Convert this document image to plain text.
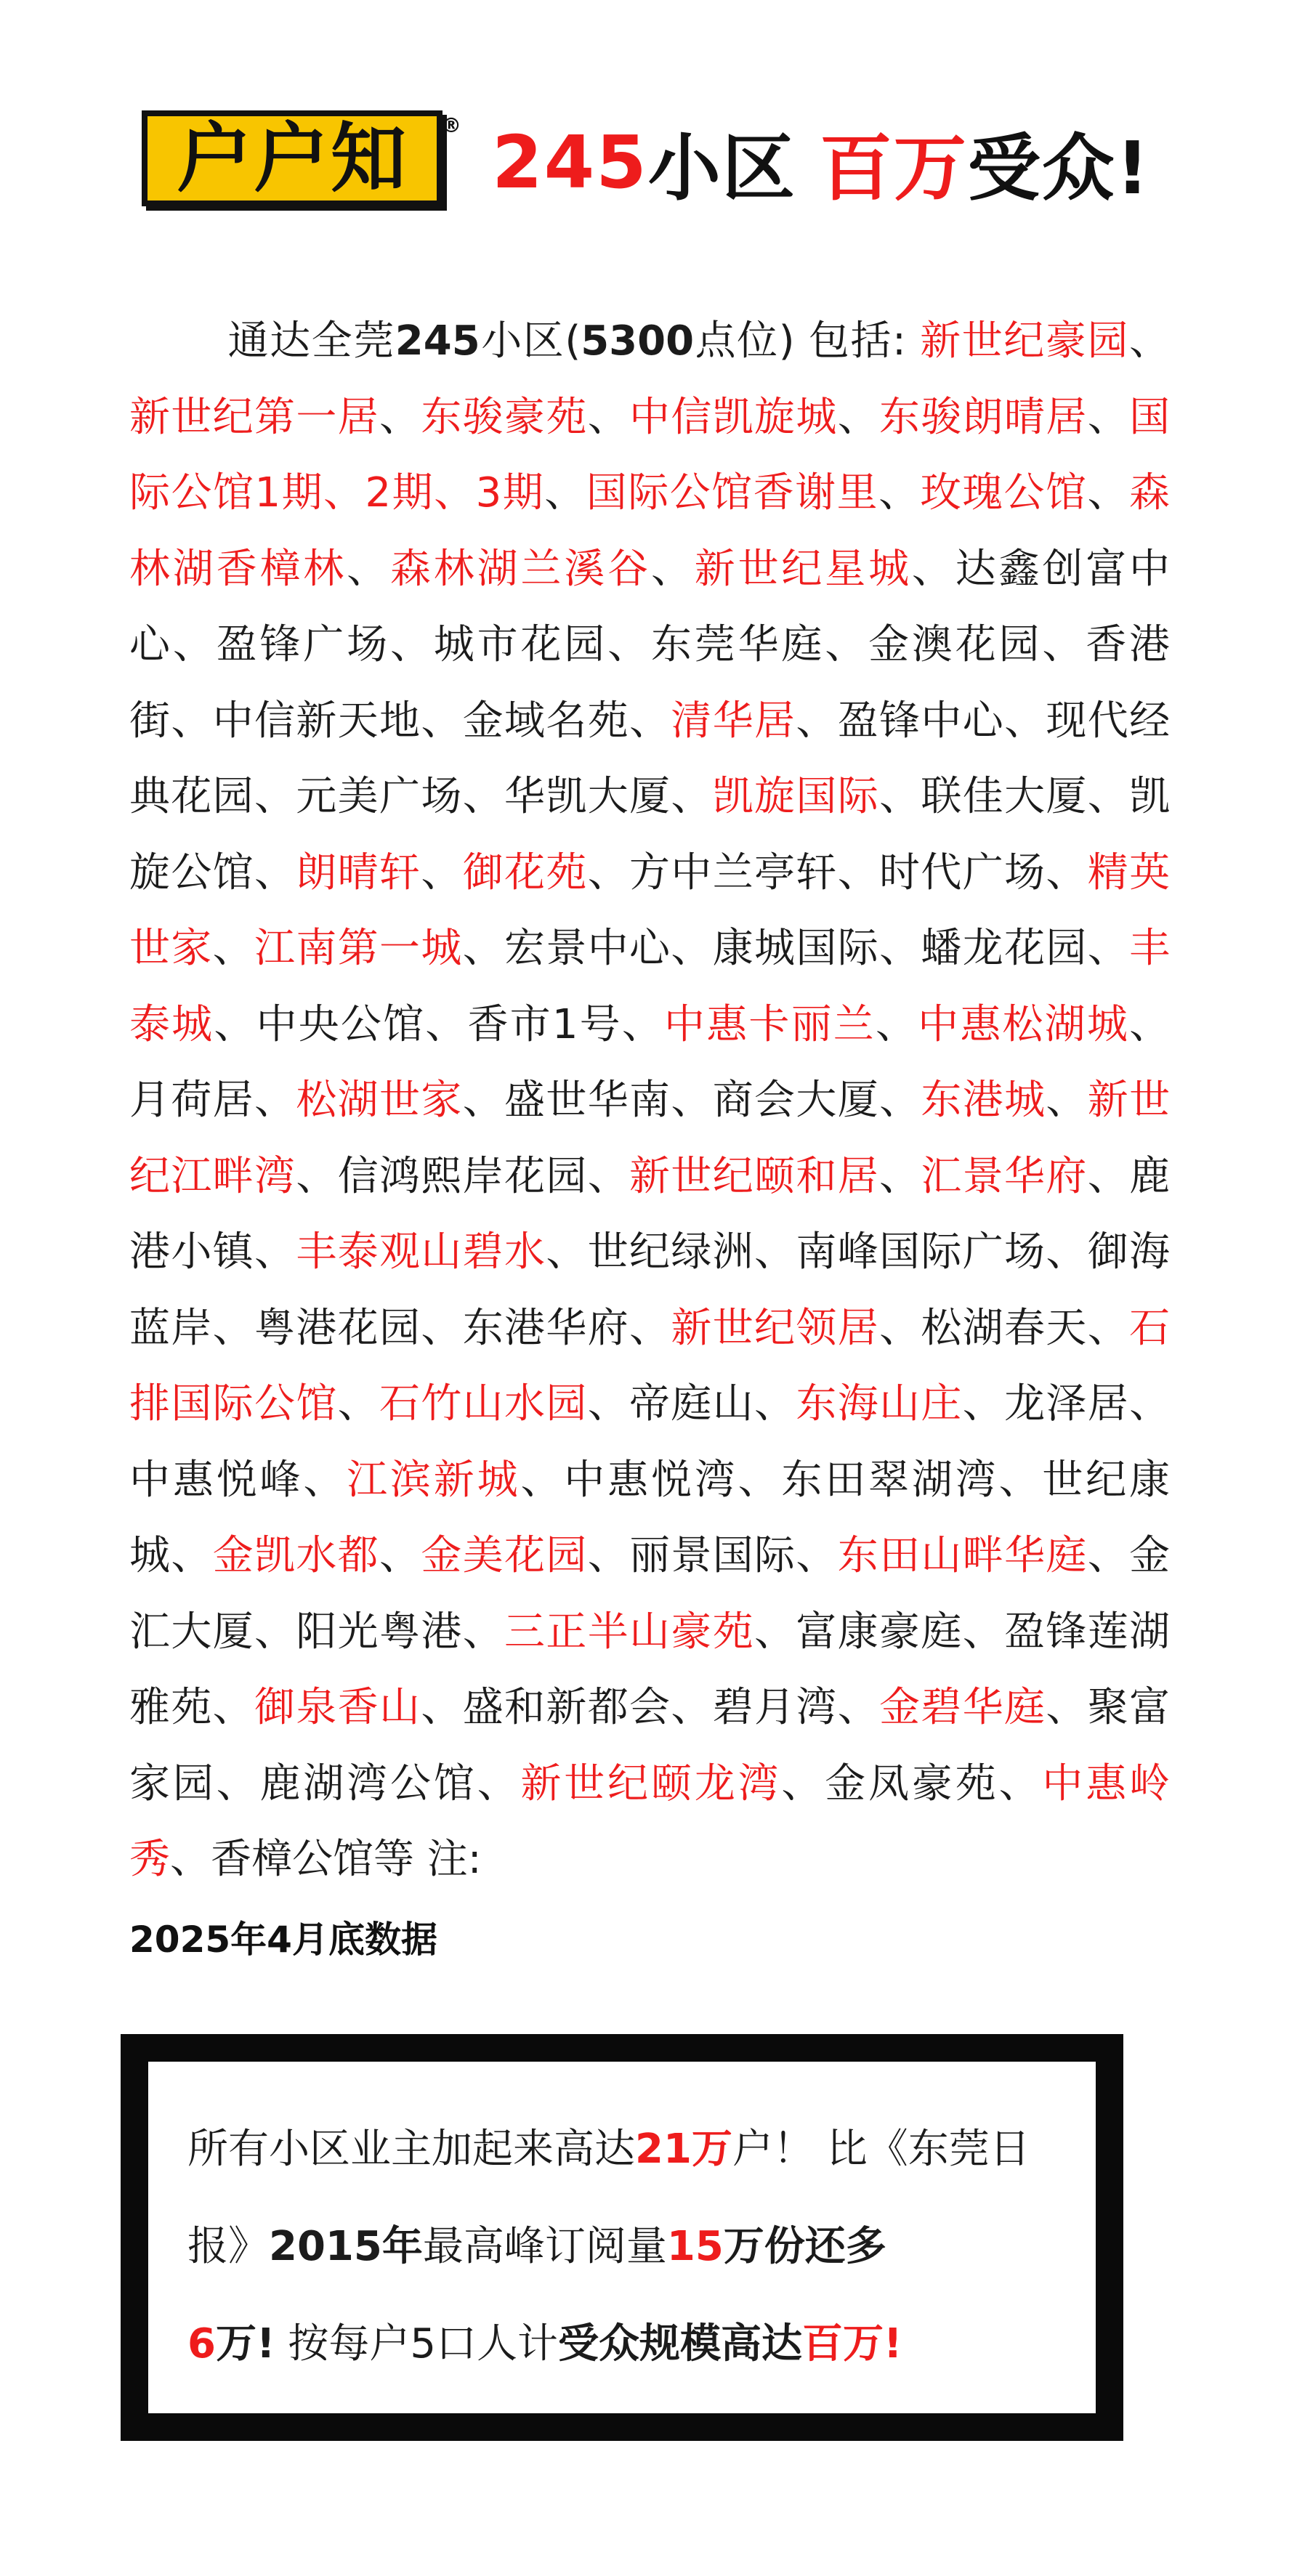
户户知	® 245 小区 百万 受众!
通达全莞245小区(5300点位) 包括: 新世纪豪园、新世纪第一居、东骏豪苑、中信凯旋城、东骏朗晴居、国际公馆1期、2期、3期、国际公馆香谢里、玫瑰公馆、森林湖香樟林、森林湖兰溪谷、新世纪星城、达鑫创富中心、盈锋广场、城市花园、东莞华庭、金澳花园、香港街、中信新天地、金域名苑、清华居、盈锋中心、现代经典花园、元美广场、华凯大厦、凯旋国际、联佳大厦、凯旋公馆、朗晴轩、御花苑、方中兰亭轩、时代广场、精英世家、江南第一城、宏景中心、康城国际、蟠龙花园、丰泰城、中央公馆、香市1号、中惠卡丽兰、中惠松湖城、月荷居、松湖世家、盛世华南、商会大厦、东港城、新世纪江畔湾、信鸿熙岸花园、新世纪颐和居、汇景华府、鹿港小镇、丰泰观山碧水、世纪绿洲、南峰国际广场、御海蓝岸、粤港花园、东港华府、新世纪领居、松湖春天、石排国际公馆、石竹山水园、帝庭山、东海山庄、龙泽居、中惠悦峰、江滨新城、中惠悦湾、东田翠湖湾、世纪康城、金凯水都、金美花园、丽景国际、东田山畔华庭、金汇大厦、阳光粤港、三正半山豪苑、富康豪庭、盈锋莲湖雅苑、御泉香山、盛和新都会、碧月湾、金碧华庭、聚富家园、鹿湖湾公馆、新世纪颐龙湾、金凤豪苑、中惠岭秀、香樟公馆等 注:
2025年4月底数据
所有小区业主加起来高达21万户！ 比《东莞日报》2015年最高峰订阅量15万份还多
6万! 按每户5口人计受众规模高达百万!
